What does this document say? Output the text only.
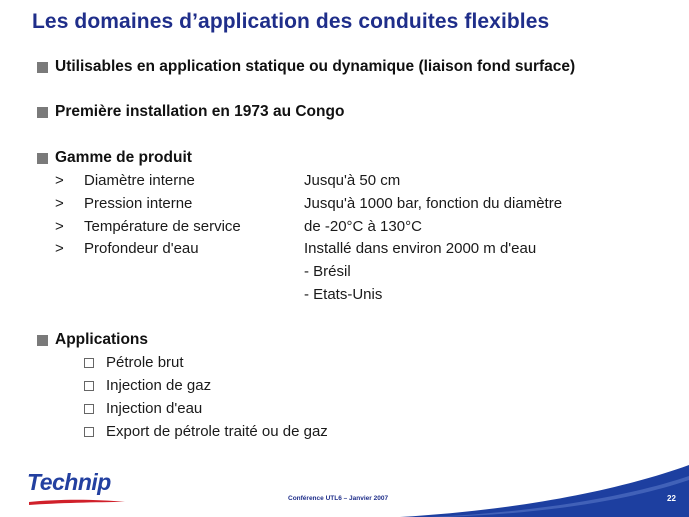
Les domaines d’application des conduites flexibles
Utilisables en application statique ou dynamique (liaison fond surface)
Première installation en 1973 au Congo
Gamme de produit
> Diamètre interne	Jusqu'à 50 cm
> Pression interne	Jusqu'à 1000 bar, fonction du diamètre
> Température de service	de -20°C à 130°C
> Profondeur d'eau	Installé dans environ 2000 m d'eau
- Brésil
- Etats-Unis
Applications
Pétrole brut
Injection de gaz
Injection d'eau
Export de pétrole traité ou de gaz
Technip
Conférence UTL6 – Janvier 2007	22
